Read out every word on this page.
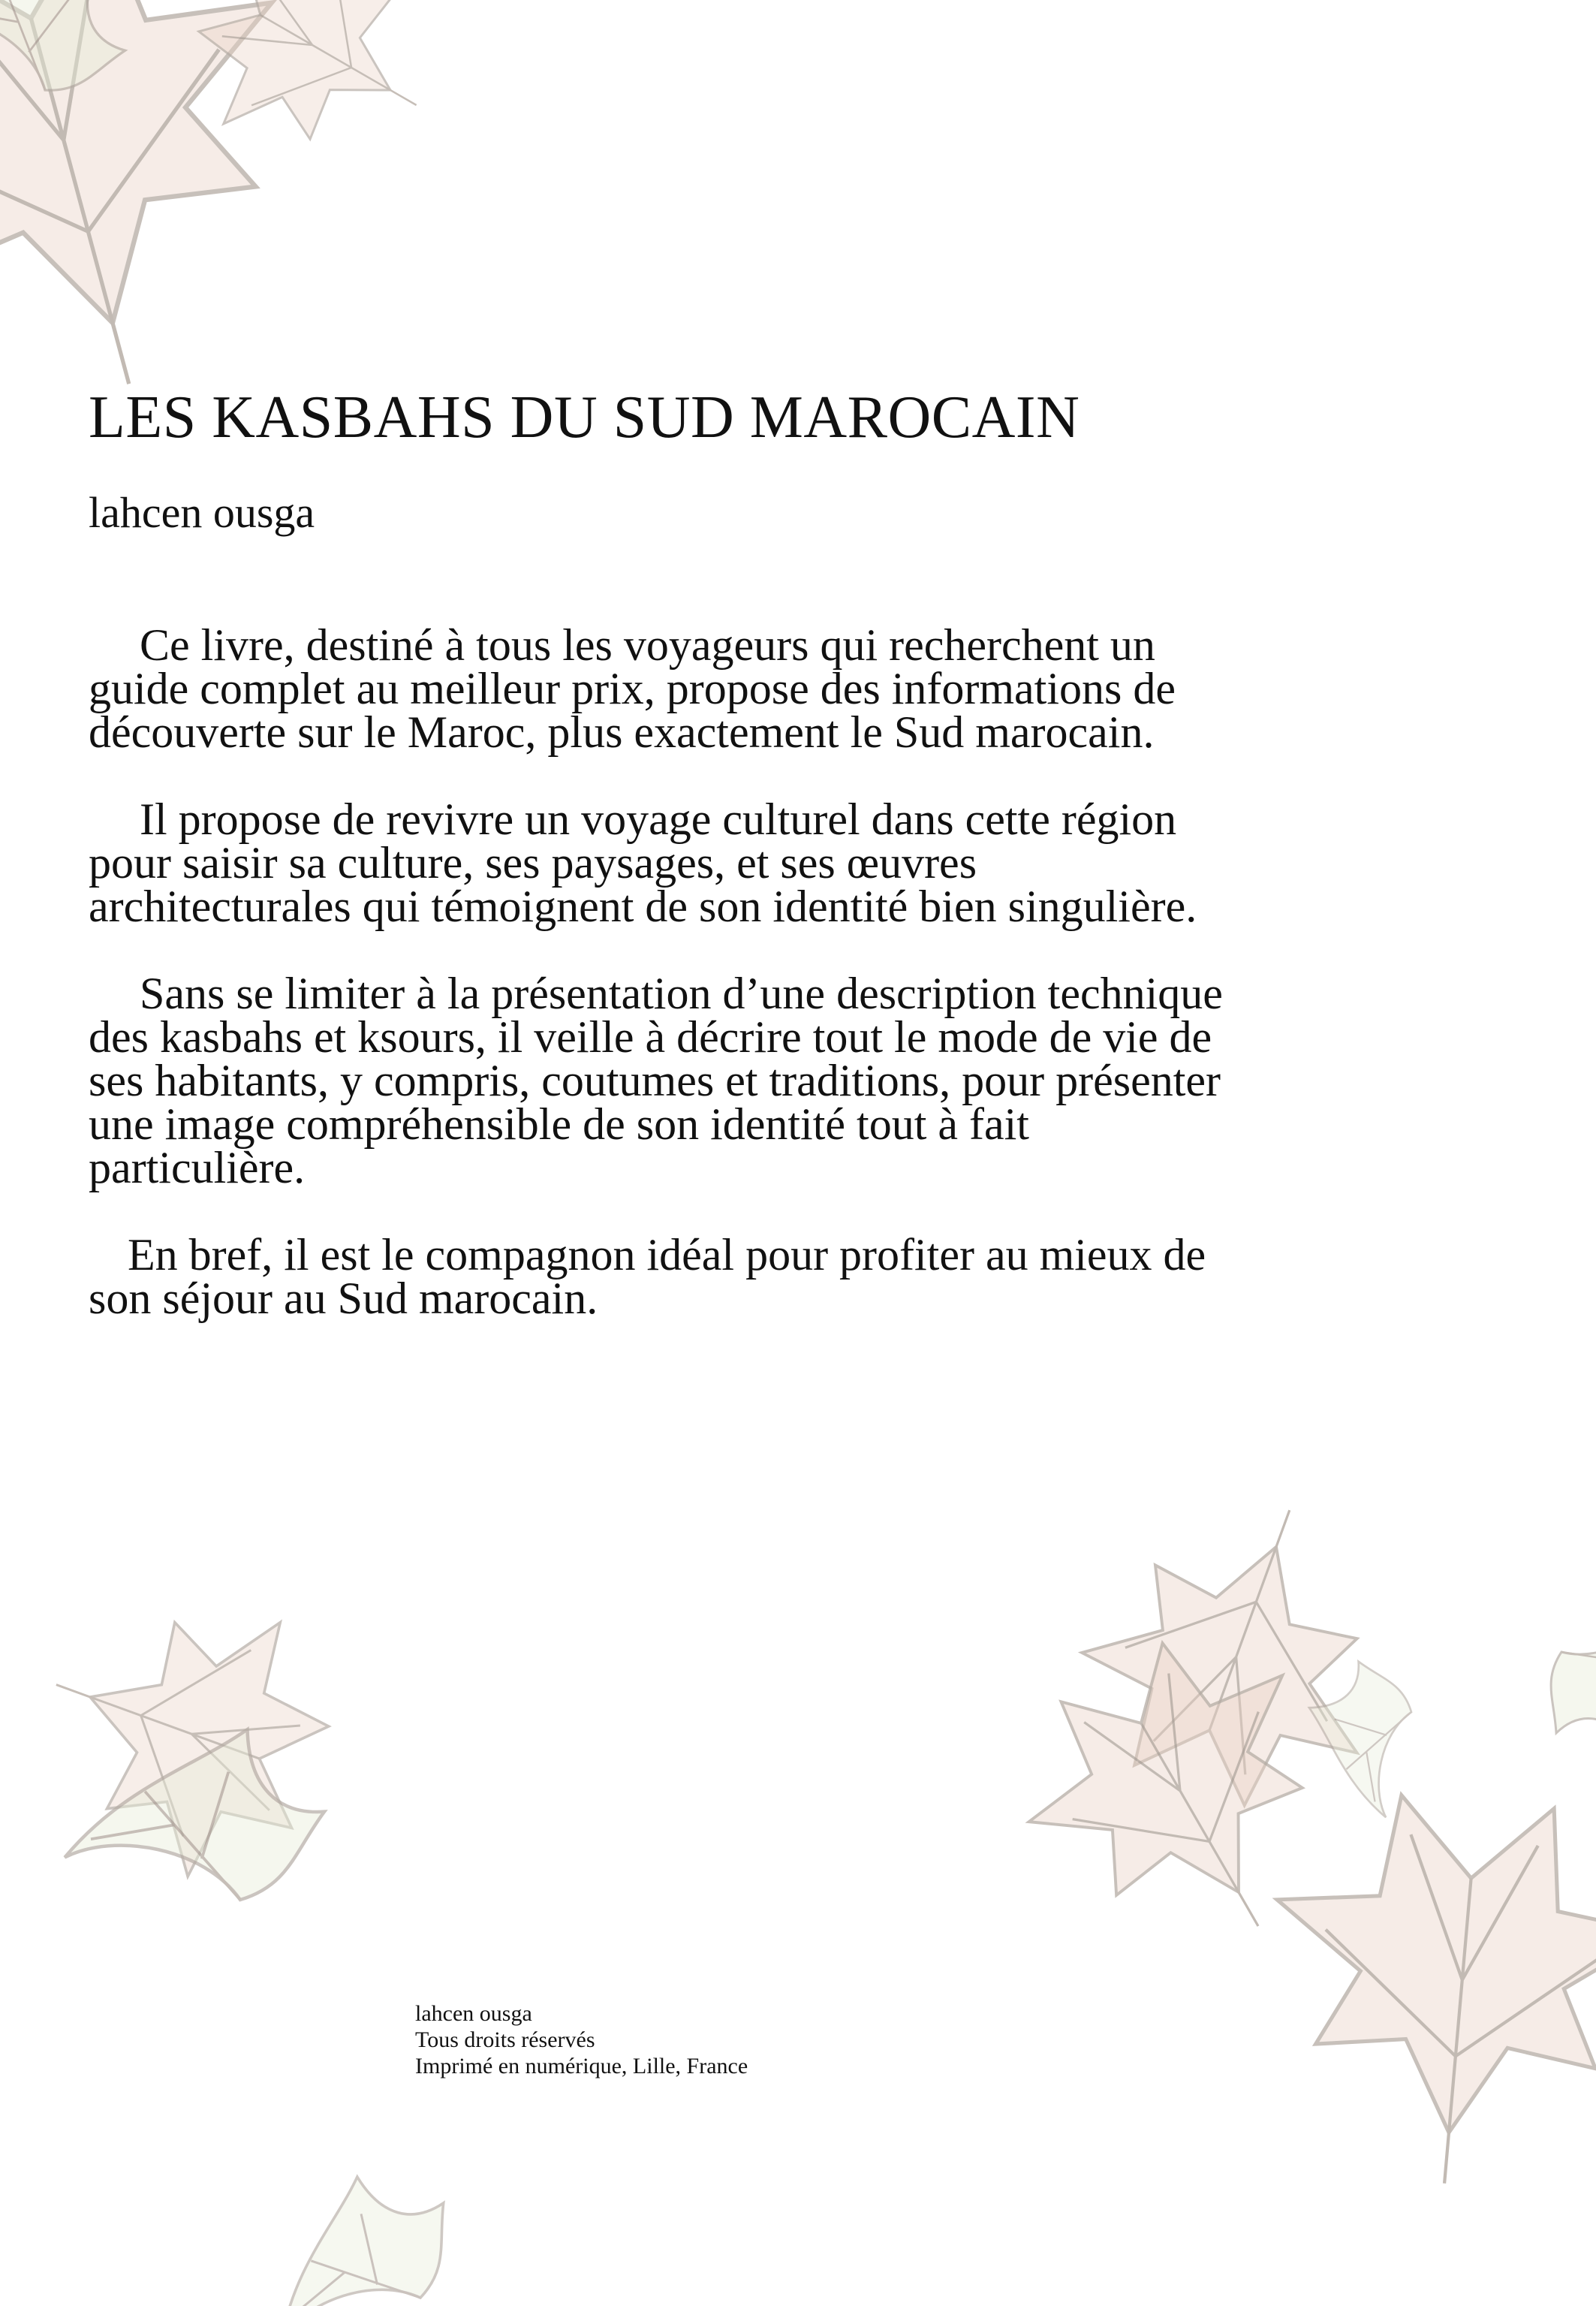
LES KASBAHS DU SUD MAROCAIN

lahcen ousga

Ce livre, destiné à tous les voyageurs qui recherchent un guide complet au meilleur prix, propose des informations de découverte sur le Maroc, plus exactement le Sud marocain.

Il propose de revivre un voyage culturel dans cette région pour saisir sa culture, ses paysages, et ses œuvres architecturales qui témoignent de son identité bien singulière.

Sans se limiter à la présentation d’une description technique des kasbahs et ksours, il veille à décrire tout le mode de vie de ses habitants, y compris, coutumes et traditions, pour présenter une image compréhensible de son identité tout à fait particulière.

En bref, il est le compagnon idéal pour profiter au mieux de son séjour au Sud marocain.

lahcen ousga
Tous droits réservés
Imprimé en numérique, Lille, France
